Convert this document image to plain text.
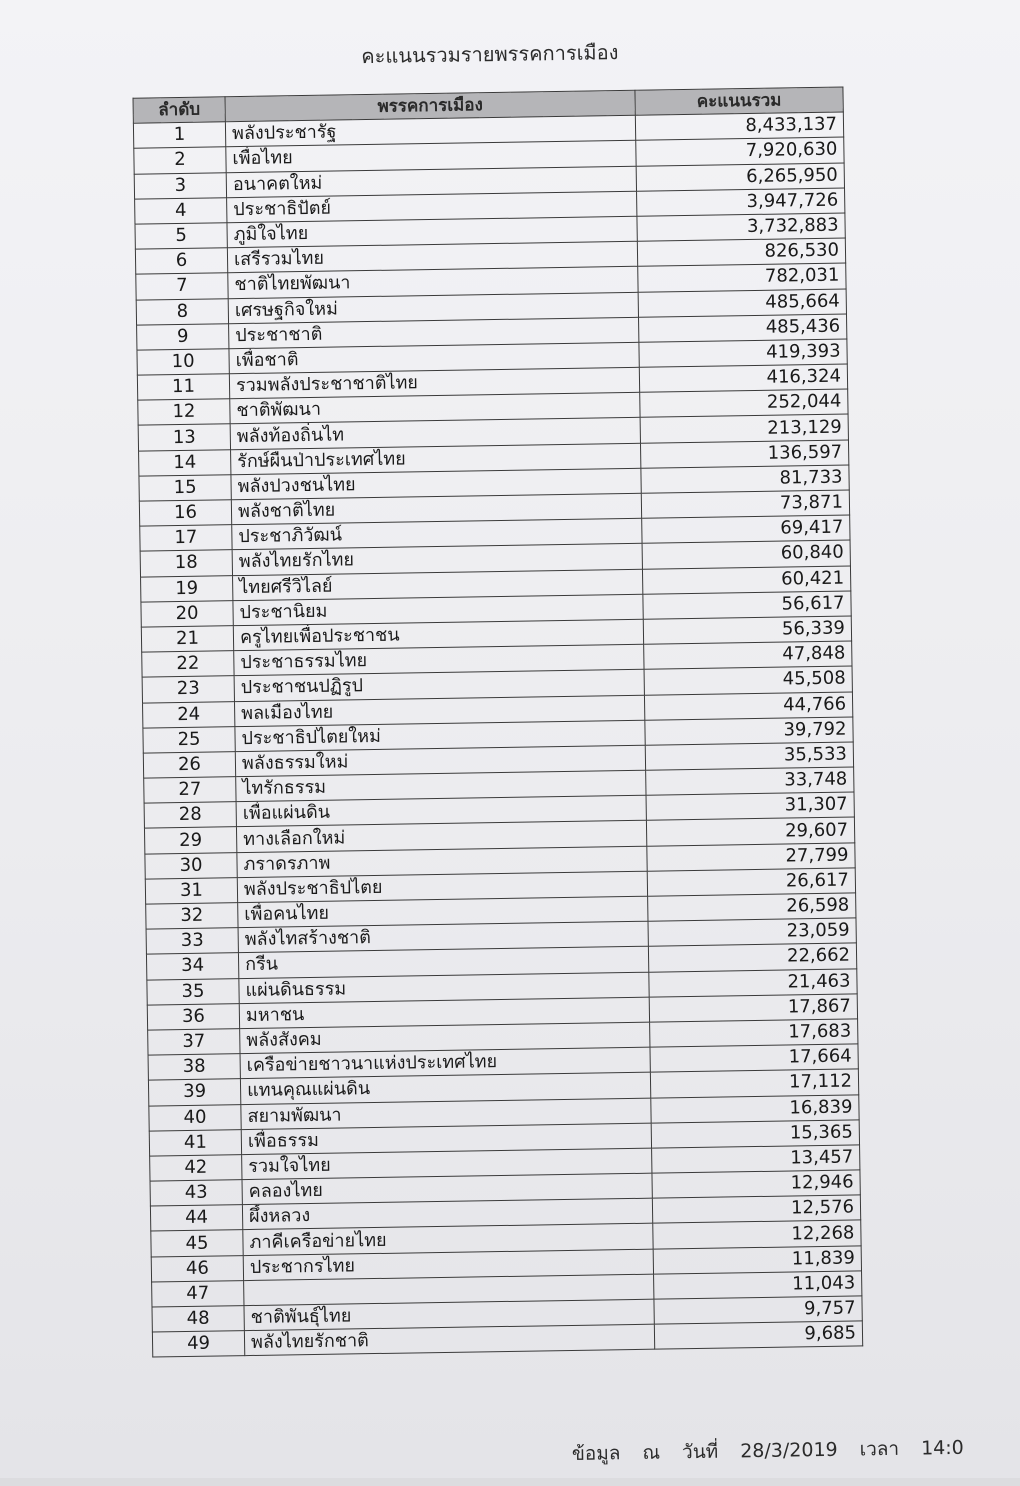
คะแนนรวมรายพรรคการเมือง
ลำดับ	พรรคการเมือง	คะแนนรวม
1	พลังประชารัฐ	8,433,137
2	เพื่อไทย	7,920,630
3	อนาคตใหม่	6,265,950
4	ประชาธิปัตย์	3,947,726
5	ภูมิใจไทย	3,732,883
6	เสรีรวมไทย	826,530
7	ชาติไทยพัฒนา	782,031
8	เศรษฐกิจใหม่	485,664
9	ประชาชาติ	485,436
10	เพื่อชาติ	419,393
11	รวมพลังประชาชาติไทย	416,324
12	ชาติพัฒนา	252,044
13	พลังท้องถิ่นไท	213,129
14	รักษ์ผืนป่าประเทศไทย	136,597
15	พลังปวงชนไทย	81,733
16	พลังชาติไทย	73,871
17	ประชาภิวัฒน์	69,417
18	พลังไทยรักไทย	60,840
19	ไทยศรีวิไลย์	60,421
20	ประชานิยม	56,617
21	ครูไทยเพื่อประชาชน	56,339
22	ประชาธรรมไทย	47,848
23	ประชาชนปฏิรูป	45,508
24	พลเมืองไทย	44,766
25	ประชาธิปไตยใหม่	39,792
26	พลังธรรมใหม่	35,533
27	ไทรักธรรม	33,748
28	เพื่อแผ่นดิน	31,307
29	ทางเลือกใหม่	29,607
30	ภราดรภาพ	27,799
31	พลังประชาธิปไตย	26,617
32	เพื่อคนไทย	26,598
33	พลังไทสร้างชาติ	23,059
34	กรีน	22,662
35	แผ่นดินธรรม	21,463
36	มหาชน	17,867
37	พลังสังคม	17,683
38	เครือข่ายชาวนาแห่งประเทศไทย	17,664
39	แทนคุณแผ่นดิน	17,112
40	สยามพัฒนา	16,839
41	เพื่อธรรม	15,365
42	รวมใจไทย	13,457
43	คลองไทย	12,946
44	ผึ้งหลวง	12,576
45	ภาคีเครือข่ายไทย	12,268
46	ประชากรไทย	11,839
47		11,043
48	ชาติพันธุ์ไทย	9,757
49	พลังไทยรักชาติ	9,685
ข้อมูล ณ วันที่ 28/3/2019 เวลา 14:0
